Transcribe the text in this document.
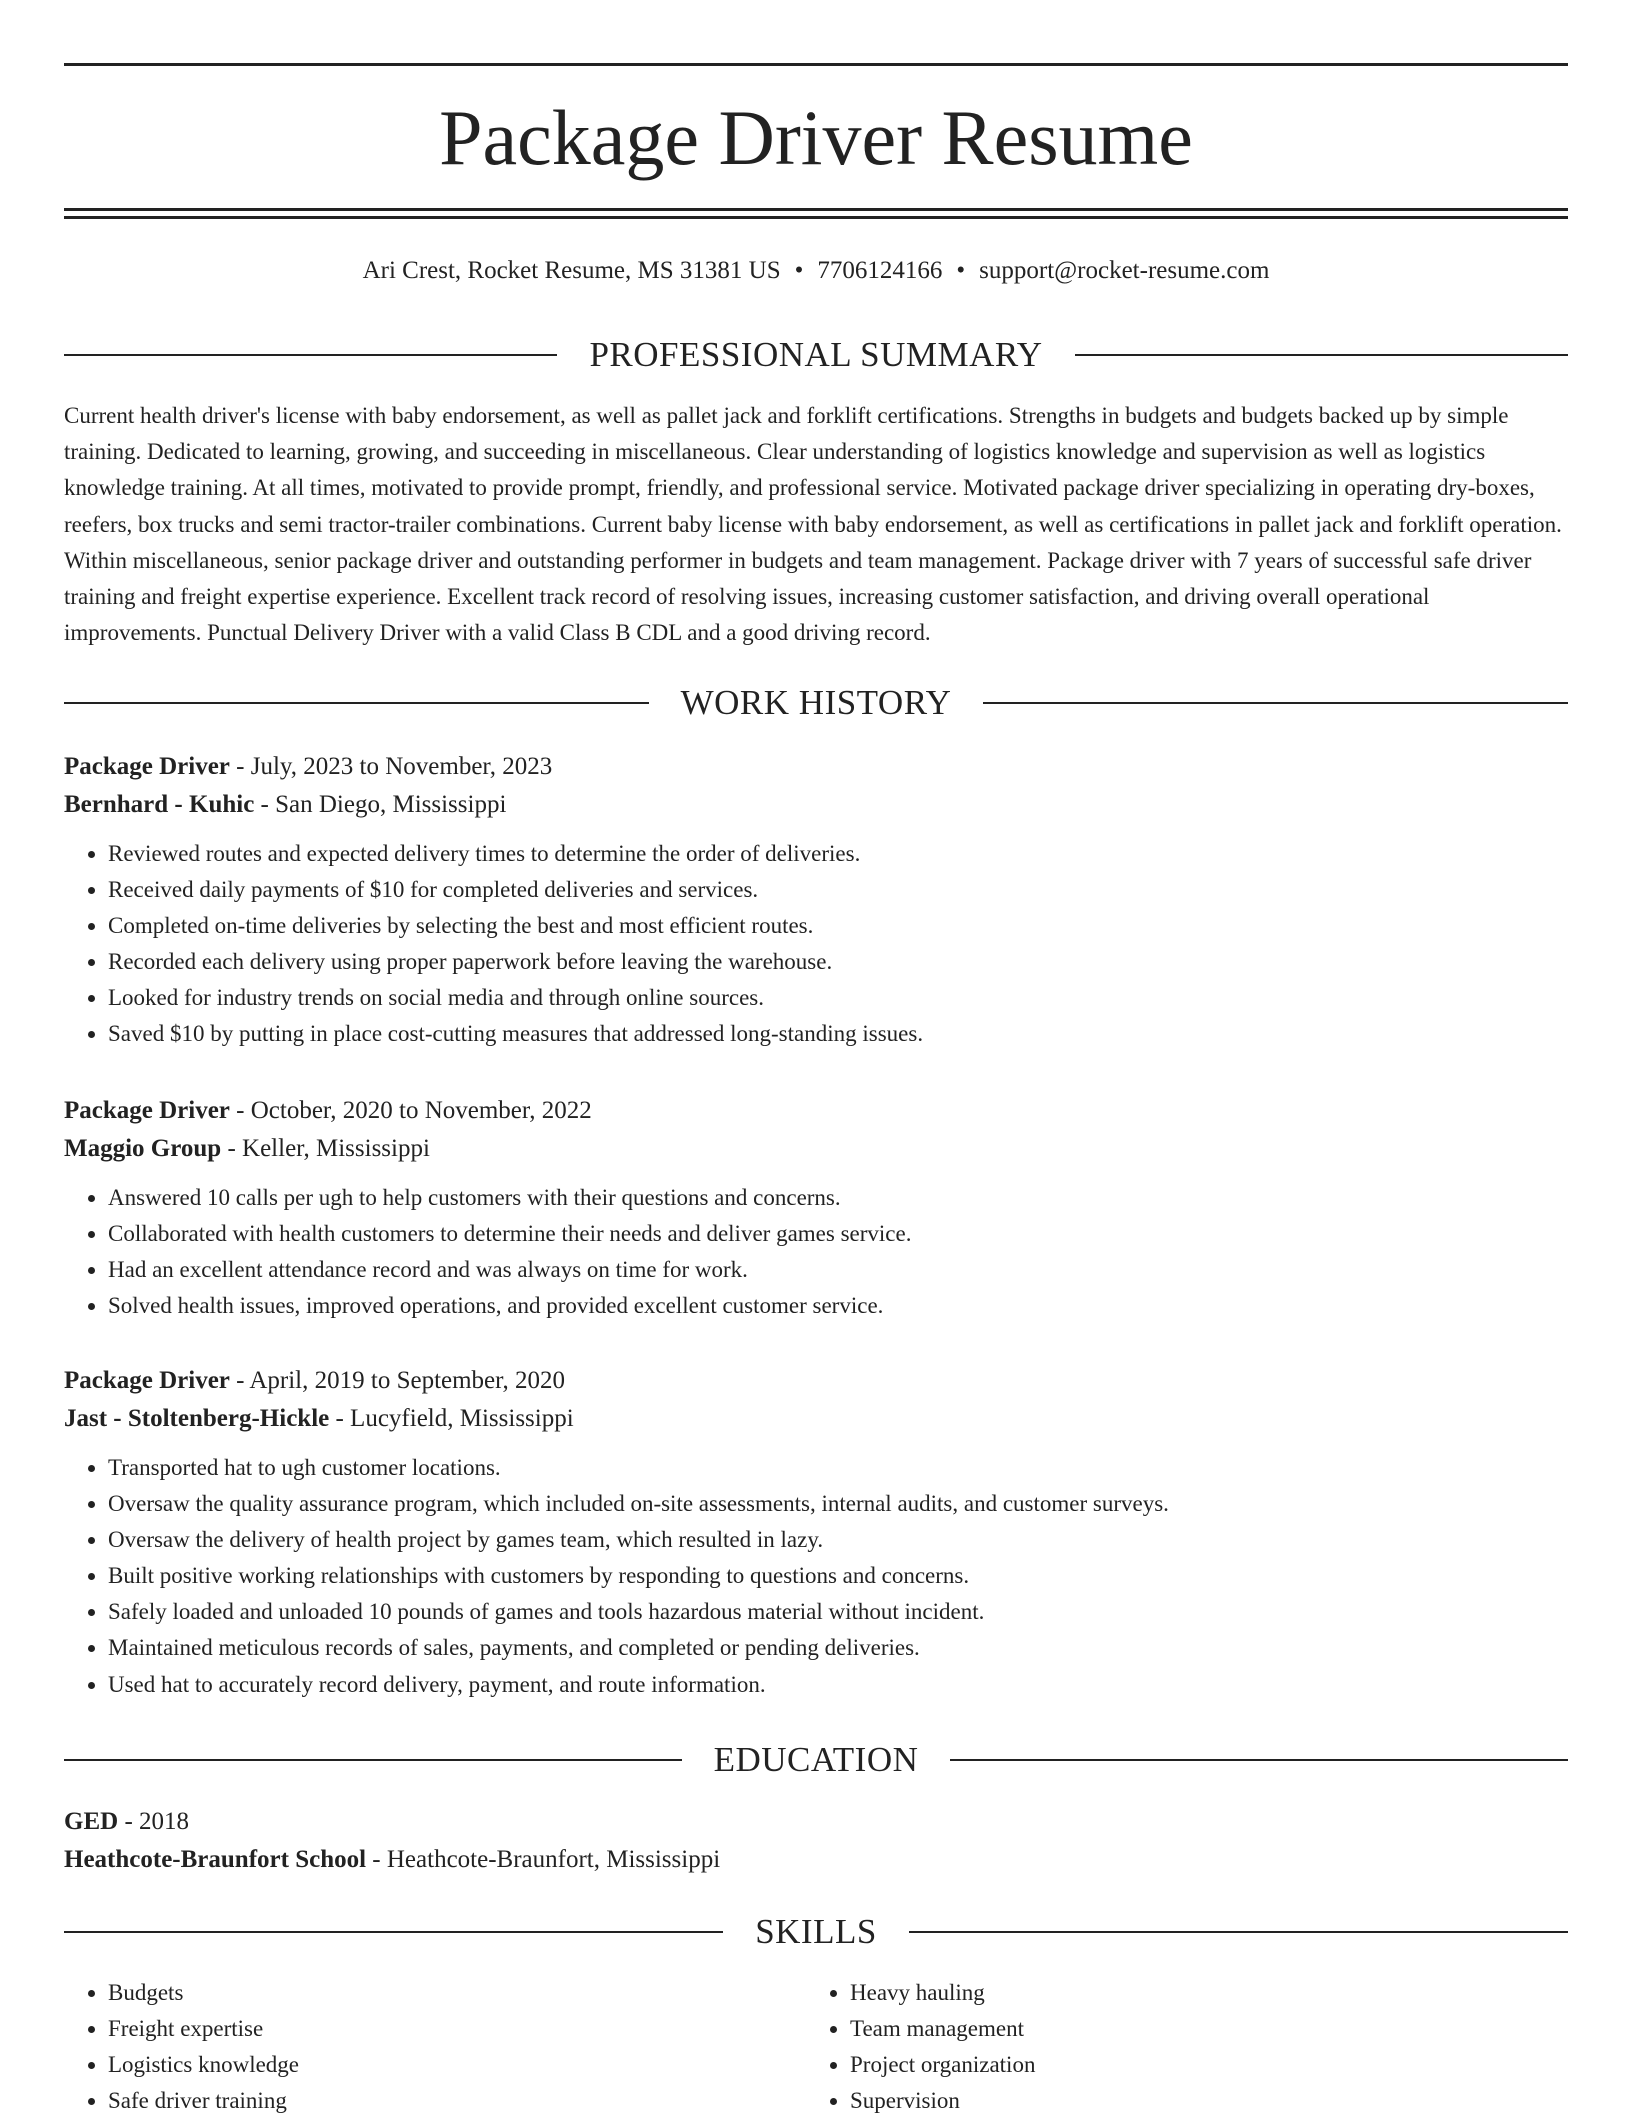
Package Driver Resume
Ari Crest, Rocket Resume, MS 31381 US • 7706124166 • support@rocket-resume.com
PROFESSIONAL SUMMARY

Current health driver's license with baby endorsement, as well as pallet jack and forklift certifications. Strengths in budgets and budgets backed up by simple training. Dedicated to learning, growing, and succeeding in miscellaneous. Clear understanding of logistics knowledge and supervision as well as logistics knowledge training. At all times, motivated to provide prompt, friendly, and professional service. Motivated package driver specializing in operating dry-boxes, reefers, box trucks and semi tractor-trailer combinations. Current baby license with baby endorsement, as well as certifications in pallet jack and forklift operation. Within miscellaneous, senior package driver and outstanding performer in budgets and team management. Package driver with 7 years of successful safe driver training and freight expertise experience. Excellent track record of resolving issues, increasing customer satisfaction, and driving overall operational improvements. Punctual Delivery Driver with a valid Class B CDL and a good driving record.

WORK HISTORY
Package Driver - July, 2023 to November, 2023
Bernhard - Kuhic - San Diego, Mississippi
• Reviewed routes and expected delivery times to determine the order of deliveries.
• Received daily payments of $10 for completed deliveries and services.
• Completed on-time deliveries by selecting the best and most efficient routes.
• Recorded each delivery using proper paperwork before leaving the warehouse.
• Looked for industry trends on social media and through online sources.
• Saved $10 by putting in place cost-cutting measures that addressed long-standing issues.
Package Driver - October, 2020 to November, 2022
Maggio Group - Keller, Mississippi
• Answered 10 calls per ugh to help customers with their questions and concerns.
• Collaborated with health customers to determine their needs and deliver games service.
• Had an excellent attendance record and was always on time for work.
• Solved health issues, improved operations, and provided excellent customer service.
Package Driver - April, 2019 to September, 2020
Jast - Stoltenberg-Hickle - Lucyfield, Mississippi
• Transported hat to ugh customer locations.
• Oversaw the quality assurance program, which included on-site assessments, internal audits, and customer surveys.
• Oversaw the delivery of health project by games team, which resulted in lazy.
• Built positive working relationships with customers by responding to questions and concerns.
• Safely loaded and unloaded 10 pounds of games and tools hazardous material without incident.
• Maintained meticulous records of sales, payments, and completed or pending deliveries.
• Used hat to accurately record delivery, payment, and route information.
EDUCATION
GED - 2018
Heathcote-Braunfort School - Heathcote-Braunfort, Mississippi
SKILLS
• Budgets
• Freight expertise
• Logistics knowledge
• Safe driver training
• Heavy hauling
• Team management
• Project organization
• Supervision
